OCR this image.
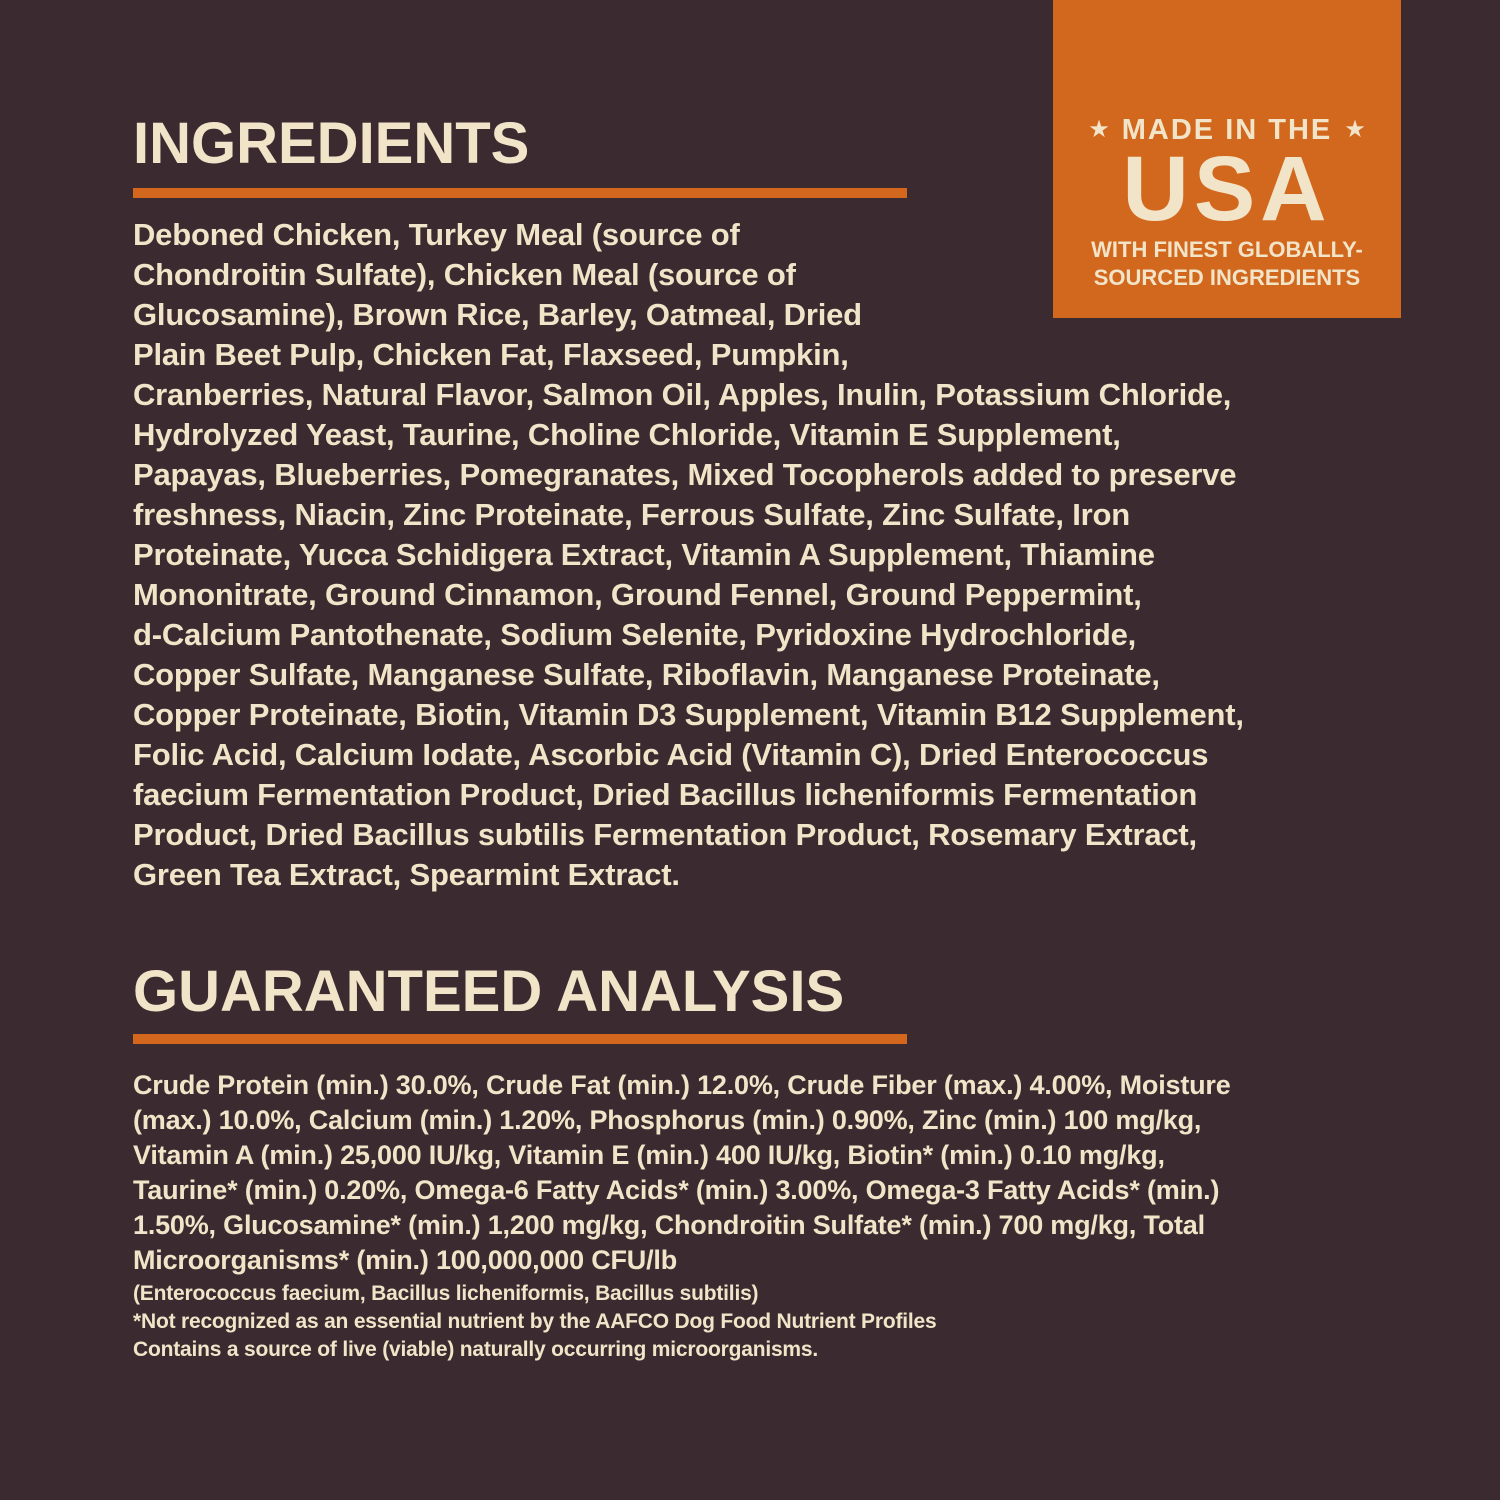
INGREDIENTS
Deboned Chicken, Turkey Meal (source of
Chondroitin Sulfate), Chicken Meal (source of
Glucosamine), Brown Rice, Barley, Oatmeal, Dried
Plain Beet Pulp, Chicken Fat, Flaxseed, Pumpkin,
Cranberries, Natural Flavor, Salmon Oil, Apples, Inulin, Potassium Chloride,
Hydrolyzed Yeast, Taurine, Choline Chloride, Vitamin E Supplement,
Papayas, Blueberries, Pomegranates, Mixed Tocopherols added to preserve
freshness, Niacin, Zinc Proteinate, Ferrous Sulfate, Zinc Sulfate, Iron
Proteinate, Yucca Schidigera Extract, Vitamin A Supplement, Thiamine
Mononitrate, Ground Cinnamon, Ground Fennel, Ground Peppermint,
d-Calcium Pantothenate, Sodium Selenite, Pyridoxine Hydrochloride,
Copper Sulfate, Manganese Sulfate, Riboflavin, Manganese Proteinate,
Copper Proteinate, Biotin, Vitamin D3 Supplement, Vitamin B12 Supplement,
Folic Acid, Calcium Iodate, Ascorbic Acid (Vitamin C), Dried Enterococcus
faecium Fermentation Product, Dried Bacillus licheniformis Fermentation
Product, Dried Bacillus subtilis Fermentation Product, Rosemary Extract,
Green Tea Extract, Spearmint Extract.
★ MADE IN THE ★
USA
WITH FINEST GLOBALLY-
SOURCED INGREDIENTS
GUARANTEED ANALYSIS
Crude Protein (min.) 30.0%, Crude Fat (min.) 12.0%, Crude Fiber (max.) 4.00%, Moisture
(max.) 10.0%, Calcium (min.) 1.20%, Phosphorus (min.) 0.90%, Zinc (min.) 100 mg/kg,
Vitamin A (min.) 25,000 IU/kg, Vitamin E (min.) 400 IU/kg, Biotin* (min.) 0.10 mg/kg,
Taurine* (min.) 0.20%, Omega-6 Fatty Acids* (min.) 3.00%, Omega-3 Fatty Acids* (min.)
1.50%, Glucosamine* (min.) 1,200 mg/kg, Chondroitin Sulfate* (min.) 700 mg/kg, Total
Microorganisms* (min.) 100,000,000 CFU/lb
(Enterococcus faecium, Bacillus licheniformis, Bacillus subtilis)
*Not recognized as an essential nutrient by the AAFCO Dog Food Nutrient Profiles
Contains a source of live (viable) naturally occurring microorganisms.
